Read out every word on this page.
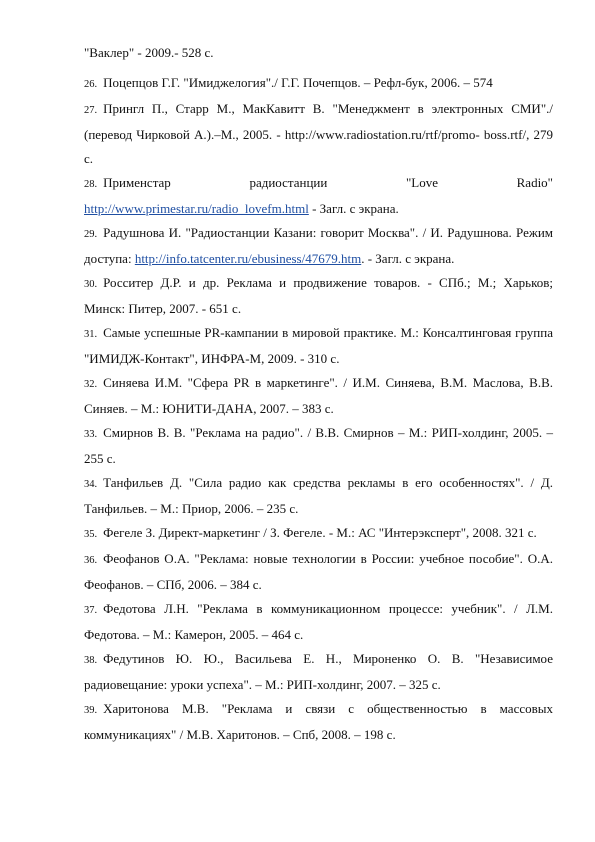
"Ваклер" - 2009.- 528 с.

26. Поцепцов Г.Г. "Имиджелогия"./ Г.Г. Почепцов. – Рефл-бук, 2006. – 574

27. Прингл П., Старр М., МакКавитт В. "Менеджмент в электронных СМИ"./ (перевод Чирковой А.).–М., 2005. - http://www.radiostation.ru/rtf/promo- boss.rtf/, 279 с.

28. Применстар радиостанции "Love Radio" http://www.primestar.ru/radio_lovefm.html - Загл. с экрана.

29. Радушнова И. "Радиостанции Казани: говорит Москва". / И. Радушнова. Режим доступа: http://info.tatcenter.ru/ebusiness/47679.htm. - Загл. с экрана.

30. Росситер Д.Р. и др. Реклама и продвижение товаров. - СПб.; М.; Харьков; Минск: Питер, 2007. - 651 с.

31. Самые успешные PR-кампании в мировой практике. М.: Консалтинговая группа "ИМИДЖ-Контакт", ИНФРА-М, 2009. - 310 с.

32. Синяева И.М. "Сфера PR в маркетинге". / И.М. Синяева, В.М. Маслова, В.В. Синяев. – М.: ЮНИТИ-ДАНА, 2007. – 383 с.

33. Смирнов В. В. "Реклама на радио". / В.В. Смирнов – М.: РИП-холдинг, 2005. – 255 с.

34. Танфильев Д. "Сила радио как средства рекламы в его особенностях". / Д. Танфильев. – М.: Приор, 2006. – 235 с.

35. Фегеле З. Директ-маркетинг / З. Фегеле. - М.: АС "Интерэксперт", 2008. 321 с.

36. Феофанов О.А. "Реклама: новые технологии в России: учебное пособие". О.А. Феофанов. – СПб, 2006. – 384 с.

37. Федотова Л.Н. "Реклама в коммуникационном процессе: учебник". / Л.М. Федотова. – М.: Камерон, 2005. – 464 с.

38. Федутинов Ю. Ю., Васильева Е. Н., Мироненко О. В. "Независимое радиовещание: уроки успеха". – М.: РИП-холдинг, 2007. – 325 с.

39. Харитонова М.В. "Реклама и связи с общественностью в массовых коммуникациях" / М.В. Харитонов. – Спб, 2008. – 198 с.
